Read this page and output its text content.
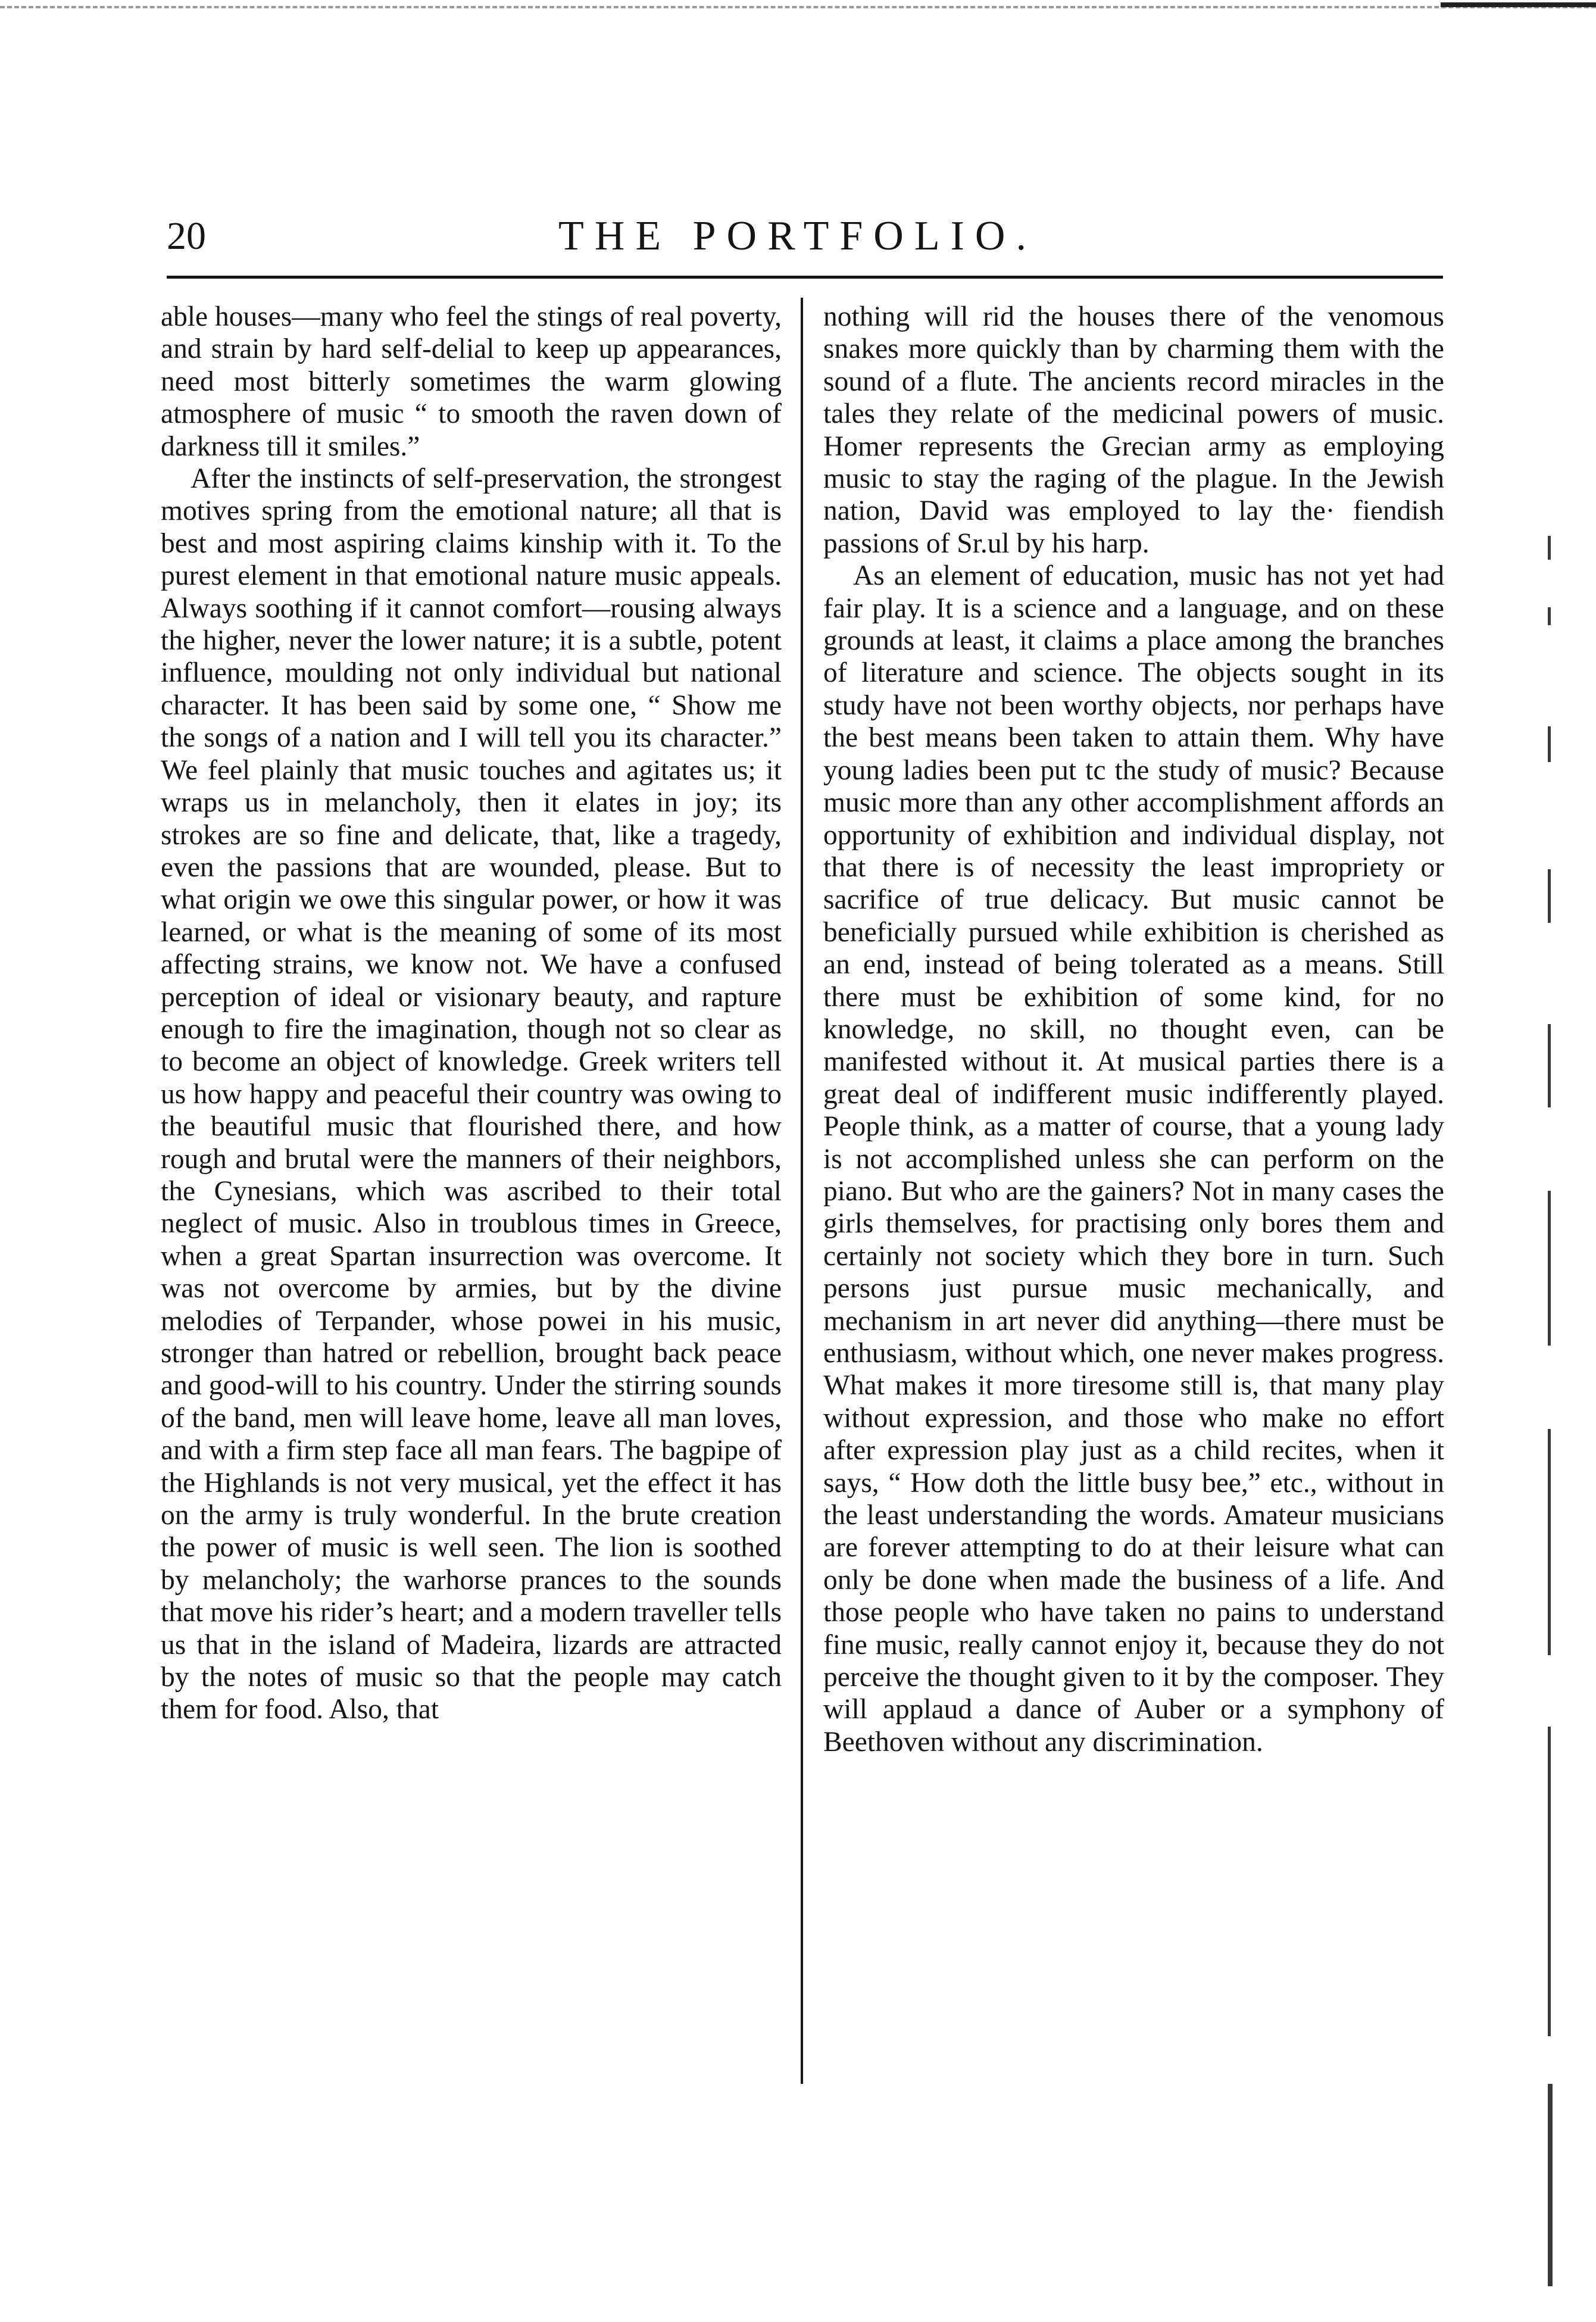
20	THE PORTFOLIO.

able houses—many who feel the stings of real poverty, and strain by hard self-delial to keep up appearances, need most bitterly sometimes the warm glowing atmosphere of music “ to smooth the raven down of darkness till it smiles.”

After the instincts of self-preservation, the strongest motives spring from the emotional nature; all that is best and most aspiring claims kinship with it. To the purest element in that emotional nature music appeals. Always soothing if it cannot comfort—rousing always the higher, never the lower nature; it is a subtle, potent influence, moulding not only individual but national character. It has been said by some one, “ Show me the songs of a nation and I will tell you its character.” We feel plainly that music touches and agitates us; it wraps us in melancholy, then it elates in joy; its strokes are so fine and delicate, that, like a tragedy, even the passions that are wounded, please. But to what origin we owe this singular power, or how it was learned, or what is the meaning of some of its most affecting strains, we know not. We have a confused perception of ideal or visionary beauty, and rapture enough to fire the imagination, though not so clear as to become an object of knowledge. Greek writers tell us how happy and peaceful their country was owing to the beautiful music that flourished there, and how rough and brutal were the manners of their neighbors, the Cynesians, which was ascribed to their total neglect of music. Also in troublous times in Greece, when a great Spartan insurrection was overcome. It was not overcome by armies, but by the divine melodies of Terpander, whose powei in his music, stronger than hatred or rebellion, brought back peace and good-will to his country. Under the stirring sounds of the band, men will leave home, leave all man loves, and with a firm step face all man fears. The bagpipe of the Highlands is not very musical, yet the effect it has on the army is truly wonderful. In the brute creation the power of music is well seen. The lion is soothed by melancholy; the warhorse prances to the sounds that move his rider’s heart; and a modern traveller tells us that in the island of Madeira, lizards are attracted by the notes of music so that the people may catch them for food. Also, that

nothing will rid the houses there of the venomous snakes more quickly than by charming them with the sound of a flute. The ancients record miracles in the tales they relate of the medicinal powers of music. Homer represents the Grecian army as employing music to stay the raging of the plague. In the Jewish nation, David was employed to lay the· fiendish passions of Sr.ul by his harp.

As an element of education, music has not yet had fair play. It is a science and a language, and on these grounds at least, it claims a place among the branches of literature and science. The objects sought in its study have not been worthy objects, nor perhaps have the best means been taken to attain them. Why have young ladies been put tc the study of music? Because music more than any other accomplishment affords an opportunity of exhibition and individual display, not that there is of necessity the least impropriety or sacrifice of true delicacy. But musiс cannot be beneficially pursued while exhibition is cherished as an end, instead of being tolerated as a means. Still there must be exhibition of some kind, for no knowledge, no skill, no thought even, can be manifested without it. At musical parties there is a great deal of indifferent music indifferently played. People think, as a matter of course, that a young lady is not accomplished unless she can perform on the piano. But who are the gainers? Not in many cases the girls themselves, for practising only bores them and certainly not society which they bore in turn. Such persons just pursue music mechanically, and mechanism in art never did anything—there must be enthusiasm, without which, one never makes progress. What makes it more tiresome still is, that many play without expression, and those who make no effort after expression play just as a child recites, when it says, “ How doth the little busy bee,” etc., without in the least understanding the words. Amateur musicians are forever attempting to do at their leisure what can only be done when made the business of a life. And those people who have taken no pains to understand fine music, really cannot enjoy it, because they do not perceive the thought given to it by the composer. They will applaud a dance of Auber or a symphony of Beethoven without any discrimination.
